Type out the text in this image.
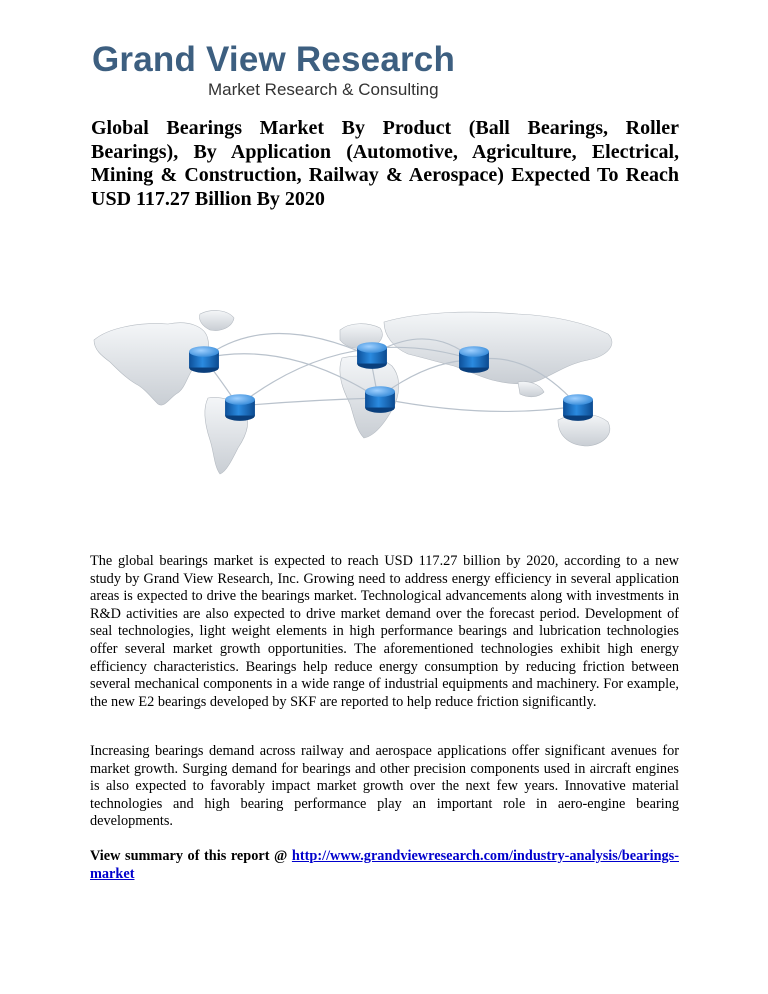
Grand View Research
Market Research & Consulting
Global Bearings Market By Product (Ball Bearings, Roller Bearings), By Application (Automotive, Agriculture, Electrical, Mining & Construction, Railway & Aerospace) Expected To Reach USD 117.27 Billion By 2020

The global bearings market is expected to reach USD 117.27 billion by 2020, according to a new study by Grand View Research, Inc. Growing need to address energy efficiency in several application areas is expected to drive the bearings market. Technological advancements along with investments in R&D activities are also expected to drive market demand over the forecast period. Development of seal technologies, light weight elements in high performance bearings and lubrication technologies offer several market growth opportunities. The aforementioned technologies exhibit high energy efficiency characteristics. Bearings help reduce energy consumption by reducing friction between several mechanical components in a wide range of industrial equipments and machinery. For example, the new E2 bearings developed by SKF are reported to help reduce friction significantly.

Increasing bearings demand across railway and aerospace applications offer significant avenues for market growth. Surging demand for bearings and other precision components used in aircraft engines is also expected to favorably impact market growth over the next few years. Innovative material technologies and high bearing performance play an important role in aero-engine bearing developments.

View summary of this report @ http://www.grandviewresearch.com/industry-analysis/bearings-market
